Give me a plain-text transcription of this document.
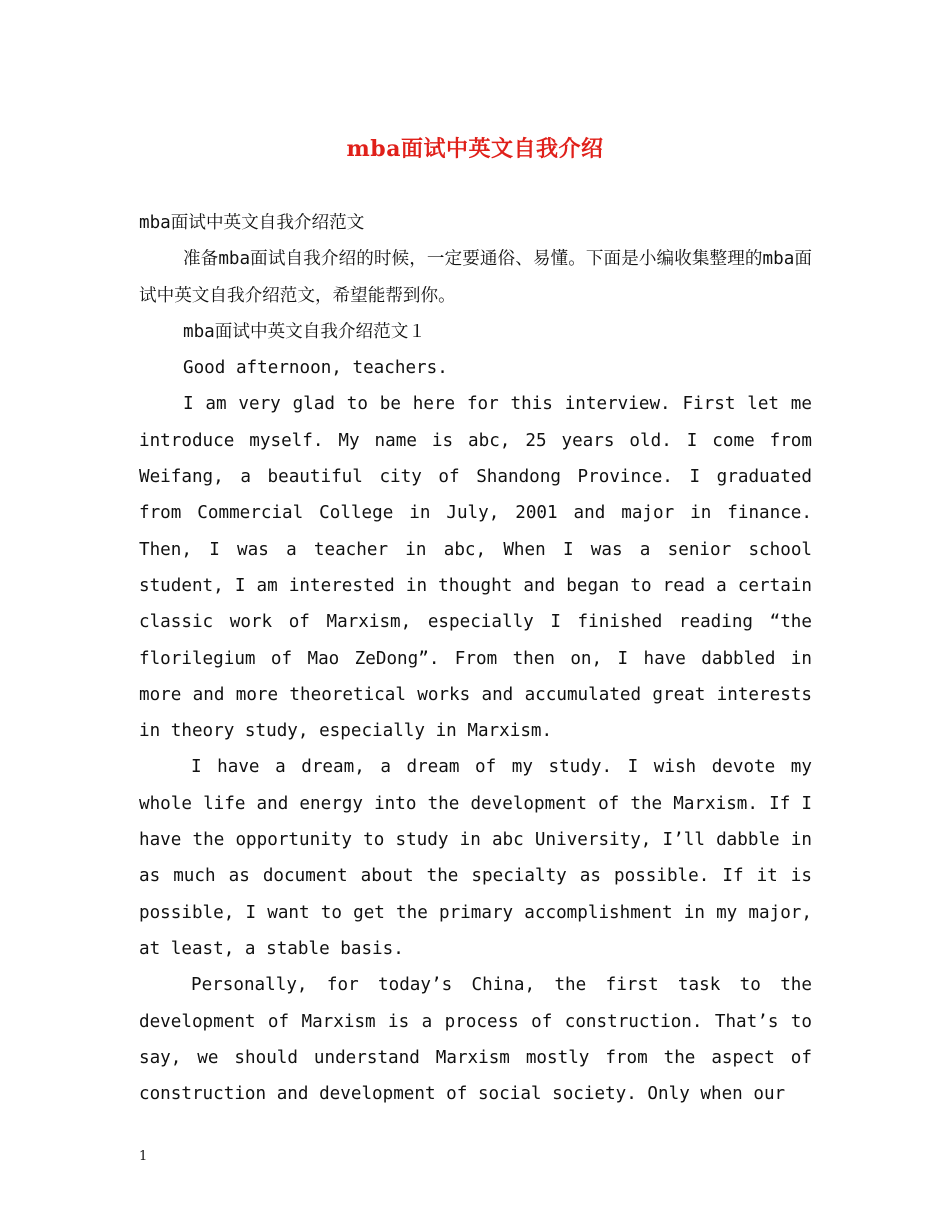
mba面试中英文自我介绍

mba面试中英文自我介绍范文

准备mba面试自我介绍的时候，一定要通俗、易懂。下面是小编收集整理的mba面试中英文自我介绍范文，希望能帮到你。

mba面试中英文自我介绍范文１

Good afternoon, teachers.

I am very glad to be here for this interview. First let me introduce myself. My name is abc, 25 years old. I come from Weifang, a beautiful city of Shandong Province. I graduated from Commercial College in July, 2001 and major in finance. Then, I was a teacher in abc, When I was a senior school student, I am interested in thought and began to read a certain classic work of Marxism, especially I finished reading “the florilegium of Mao ZeDong”. From then on, I have dabbled in more and more theoretical works and accumulated great interests in theory study, especially in Marxism.

I have a dream, a dream of my study. I wish devote my whole life and energy into the development of the Marxism. If I have the opportunity to study in abc University, I’ll dabble in as much as document about the specialty as possible. If it is possible, I want to get the primary accomplishment in my major, at least, a stable basis.

Personally, for today’s China, the first task to the development of Marxism is a process of construction. That’s to say, we should understand Marxism mostly from the aspect of construction and development of social society. Only when our

1
